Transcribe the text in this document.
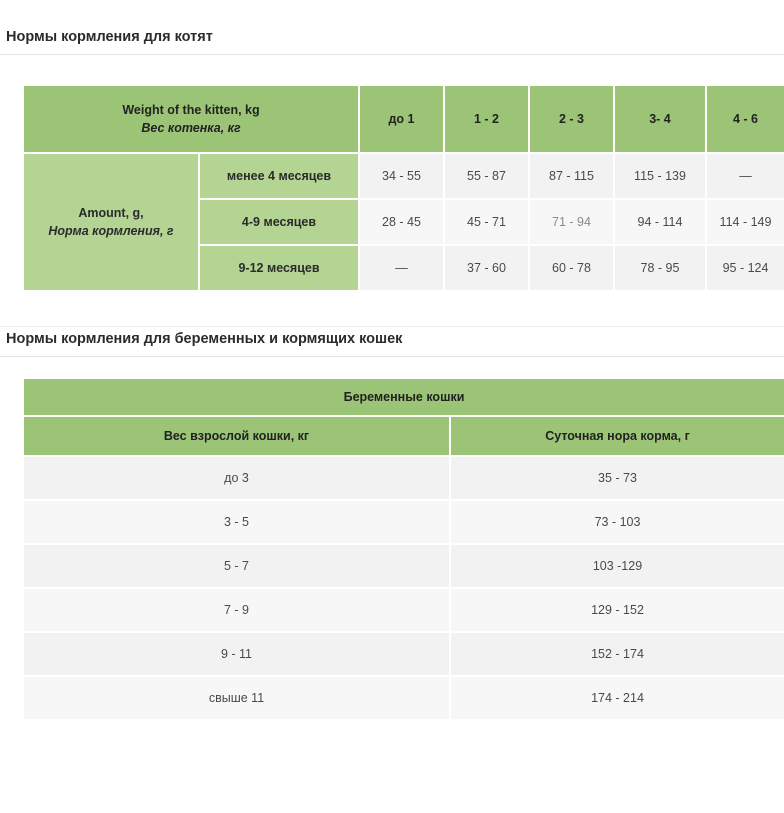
Нормы кормления для котят
Weight of the kitten, kg
Вес котенка, кг		до 1	1 - 2	2 - 3	3- 4	4 - 6
Amount, g,
Норма кормления, г	менее 4 месяцев	34 - 55	55 - 87	87 - 115	115 - 139	—
	4-9 месяцев	28 - 45	45 - 71	71 - 94	94 - 114	114 - 149
	9-12 месяцев	—	37 - 60	60 - 78	78 - 95	95 - 124
Нормы кормления для беременных и кормящих кошек
Беременные кошки	
Вес взрослой кошки, кг	Суточная нора корма, г
до 3	35 - 73
3 - 5	73 - 103
5 - 7	103 -129
7 - 9	129 - 152
9 - 11	152 - 174
свыше 11	174 - 214
